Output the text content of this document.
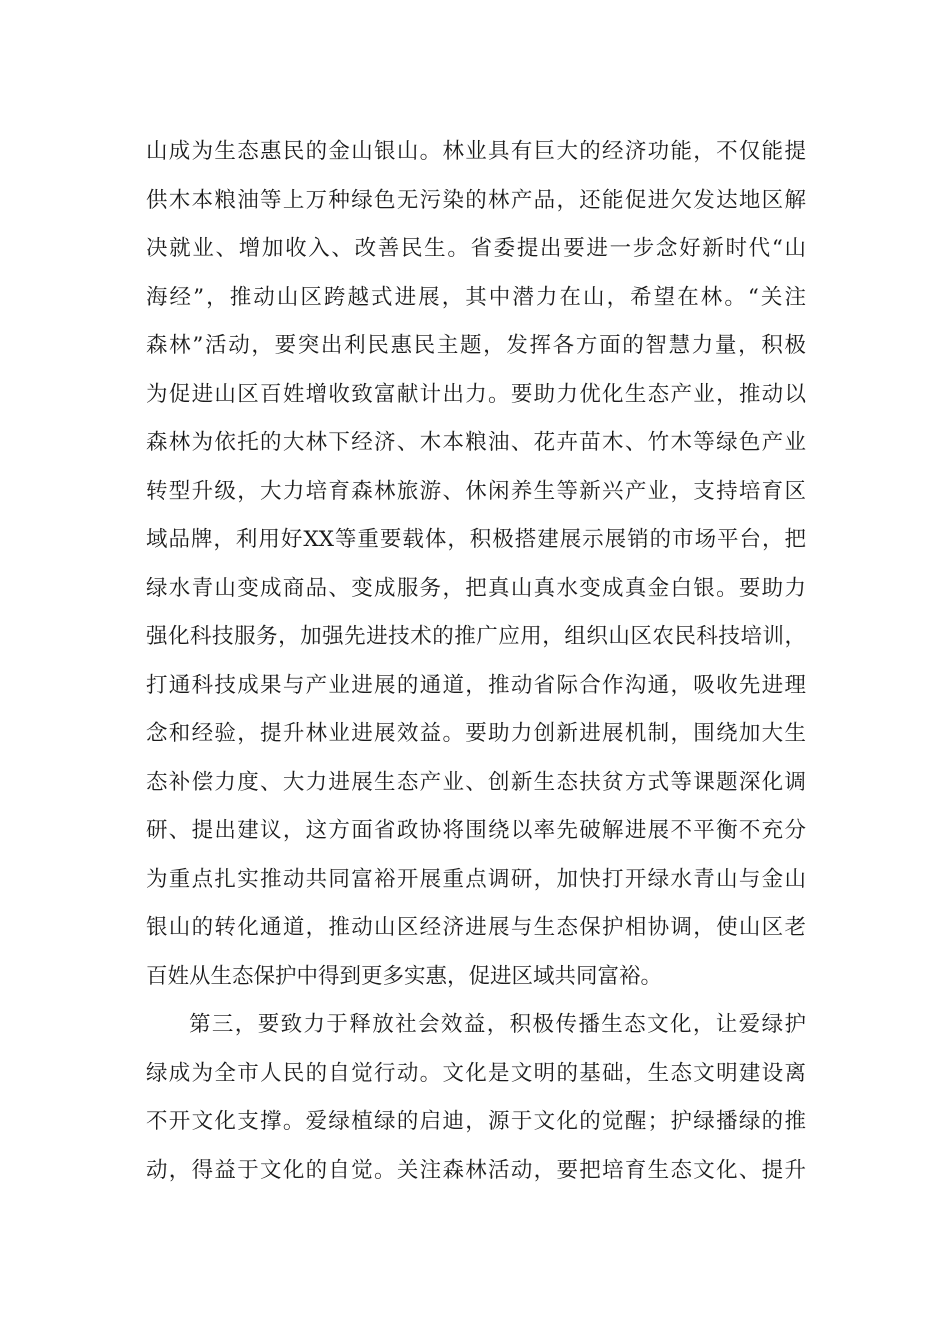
山成为生态惠民的金山银山。林业具有巨大的经济功能，不仅能提
供木本粮油等上万种绿色无污染的林产品，还能促进欠发达地区解
决就业、增加收入、改善民生。省委提出要进一步念好新时代“山
海经”，推动山区跨越式进展，其中潜力在山，希望在林。“关注
森林”活动，要突出利民惠民主题，发挥各方面的智慧力量，积极
为促进山区百姓增收致富献计出力。要助力优化生态产业，推动以
森林为依托的大林下经济、木本粮油、花卉苗木、竹木等绿色产业
转型升级，大力培育森林旅游、休闲养生等新兴产业，支持培育区
域品牌，利用好XX等重要载体，积极搭建展示展销的市场平台，把
绿水青山变成商品、变成服务，把真山真水变成真金白银。要助力
强化科技服务，加强先进技术的推广应用，组织山区农民科技培训，
打通科技成果与产业进展的通道，推动省际合作沟通，吸收先进理
念和经验，提升林业进展效益。要助力创新进展机制，围绕加大生
态补偿力度、大力进展生态产业、创新生态扶贫方式等课题深化调
研、提出建议，这方面省政协将围绕以率先破解进展不平衡不充分
为重点扎实推动共同富裕开展重点调研，加快打开绿水青山与金山
银山的转化通道，推动山区经济进展与生态保护相协调，使山区老
百姓从生态保护中得到更多实惠，促进区域共同富裕。
第三，要致力于释放社会效益，积极传播生态文化，让爱绿护
绿成为全市人民的自觉行动。文化是文明的基础，生态文明建设离
不开文化支撑。爱绿植绿的启迪，源于文化的觉醒；护绿播绿的推
动，得益于文化的自觉。关注森林活动，要把培育生态文化、提升
